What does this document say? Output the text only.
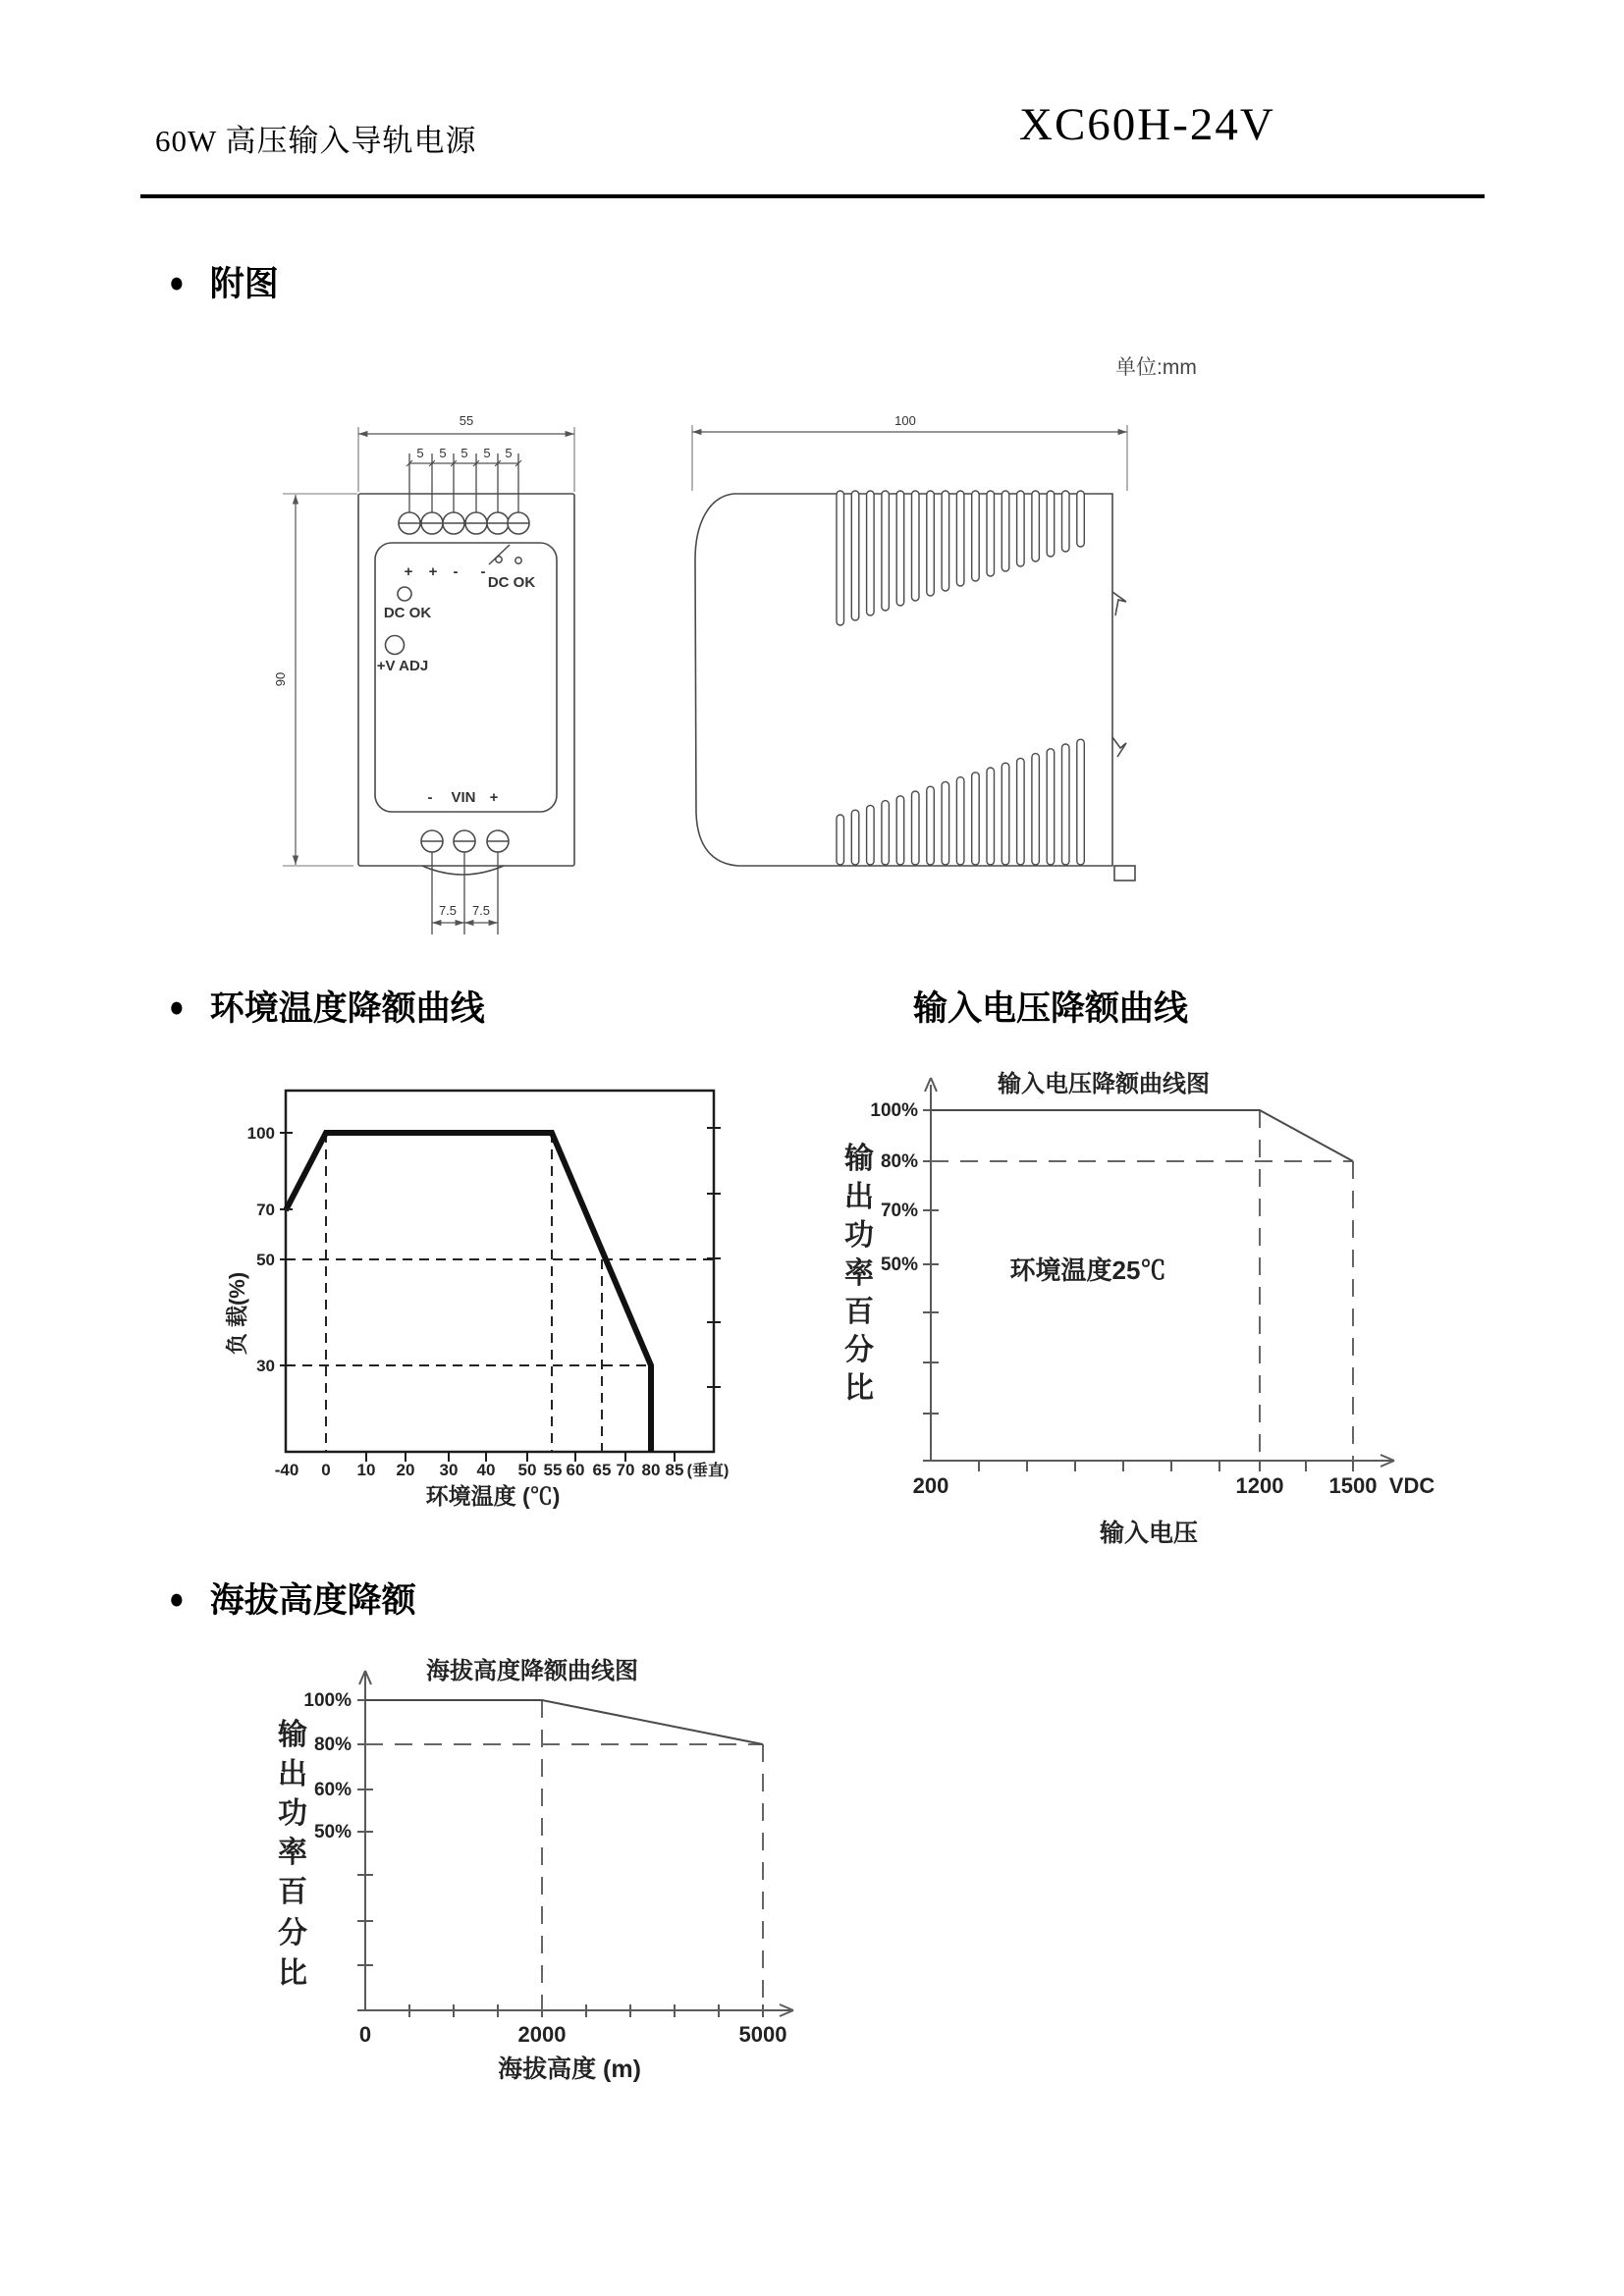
60W 高压输入导轨电源	XC60H-24V
● 附图
单位:mm
55
5 5 5 5 5
90
+ + - -
DC OK
DC OK
+V ADJ
- VIN +
7.5 7.5
100
● 环境温度降额曲线	输入电压降额曲线
100
70
50
30
-40 0 10 20 30 40 50 55 60 65 70 80 85 (垂直)
负 载(%)
环境温度 (℃)
输入电压降额曲线图
环境温度25℃
100%
80%
70%
50%
200	1200 1500 VDC
输
出
功
率
百
分
比
输入电压
● 海拔高度降额
海拔高度降额曲线图
100%
80%
60%
50%
0	2000	5000
输
出
功
率
百
分
比
海拔高度 (m)
